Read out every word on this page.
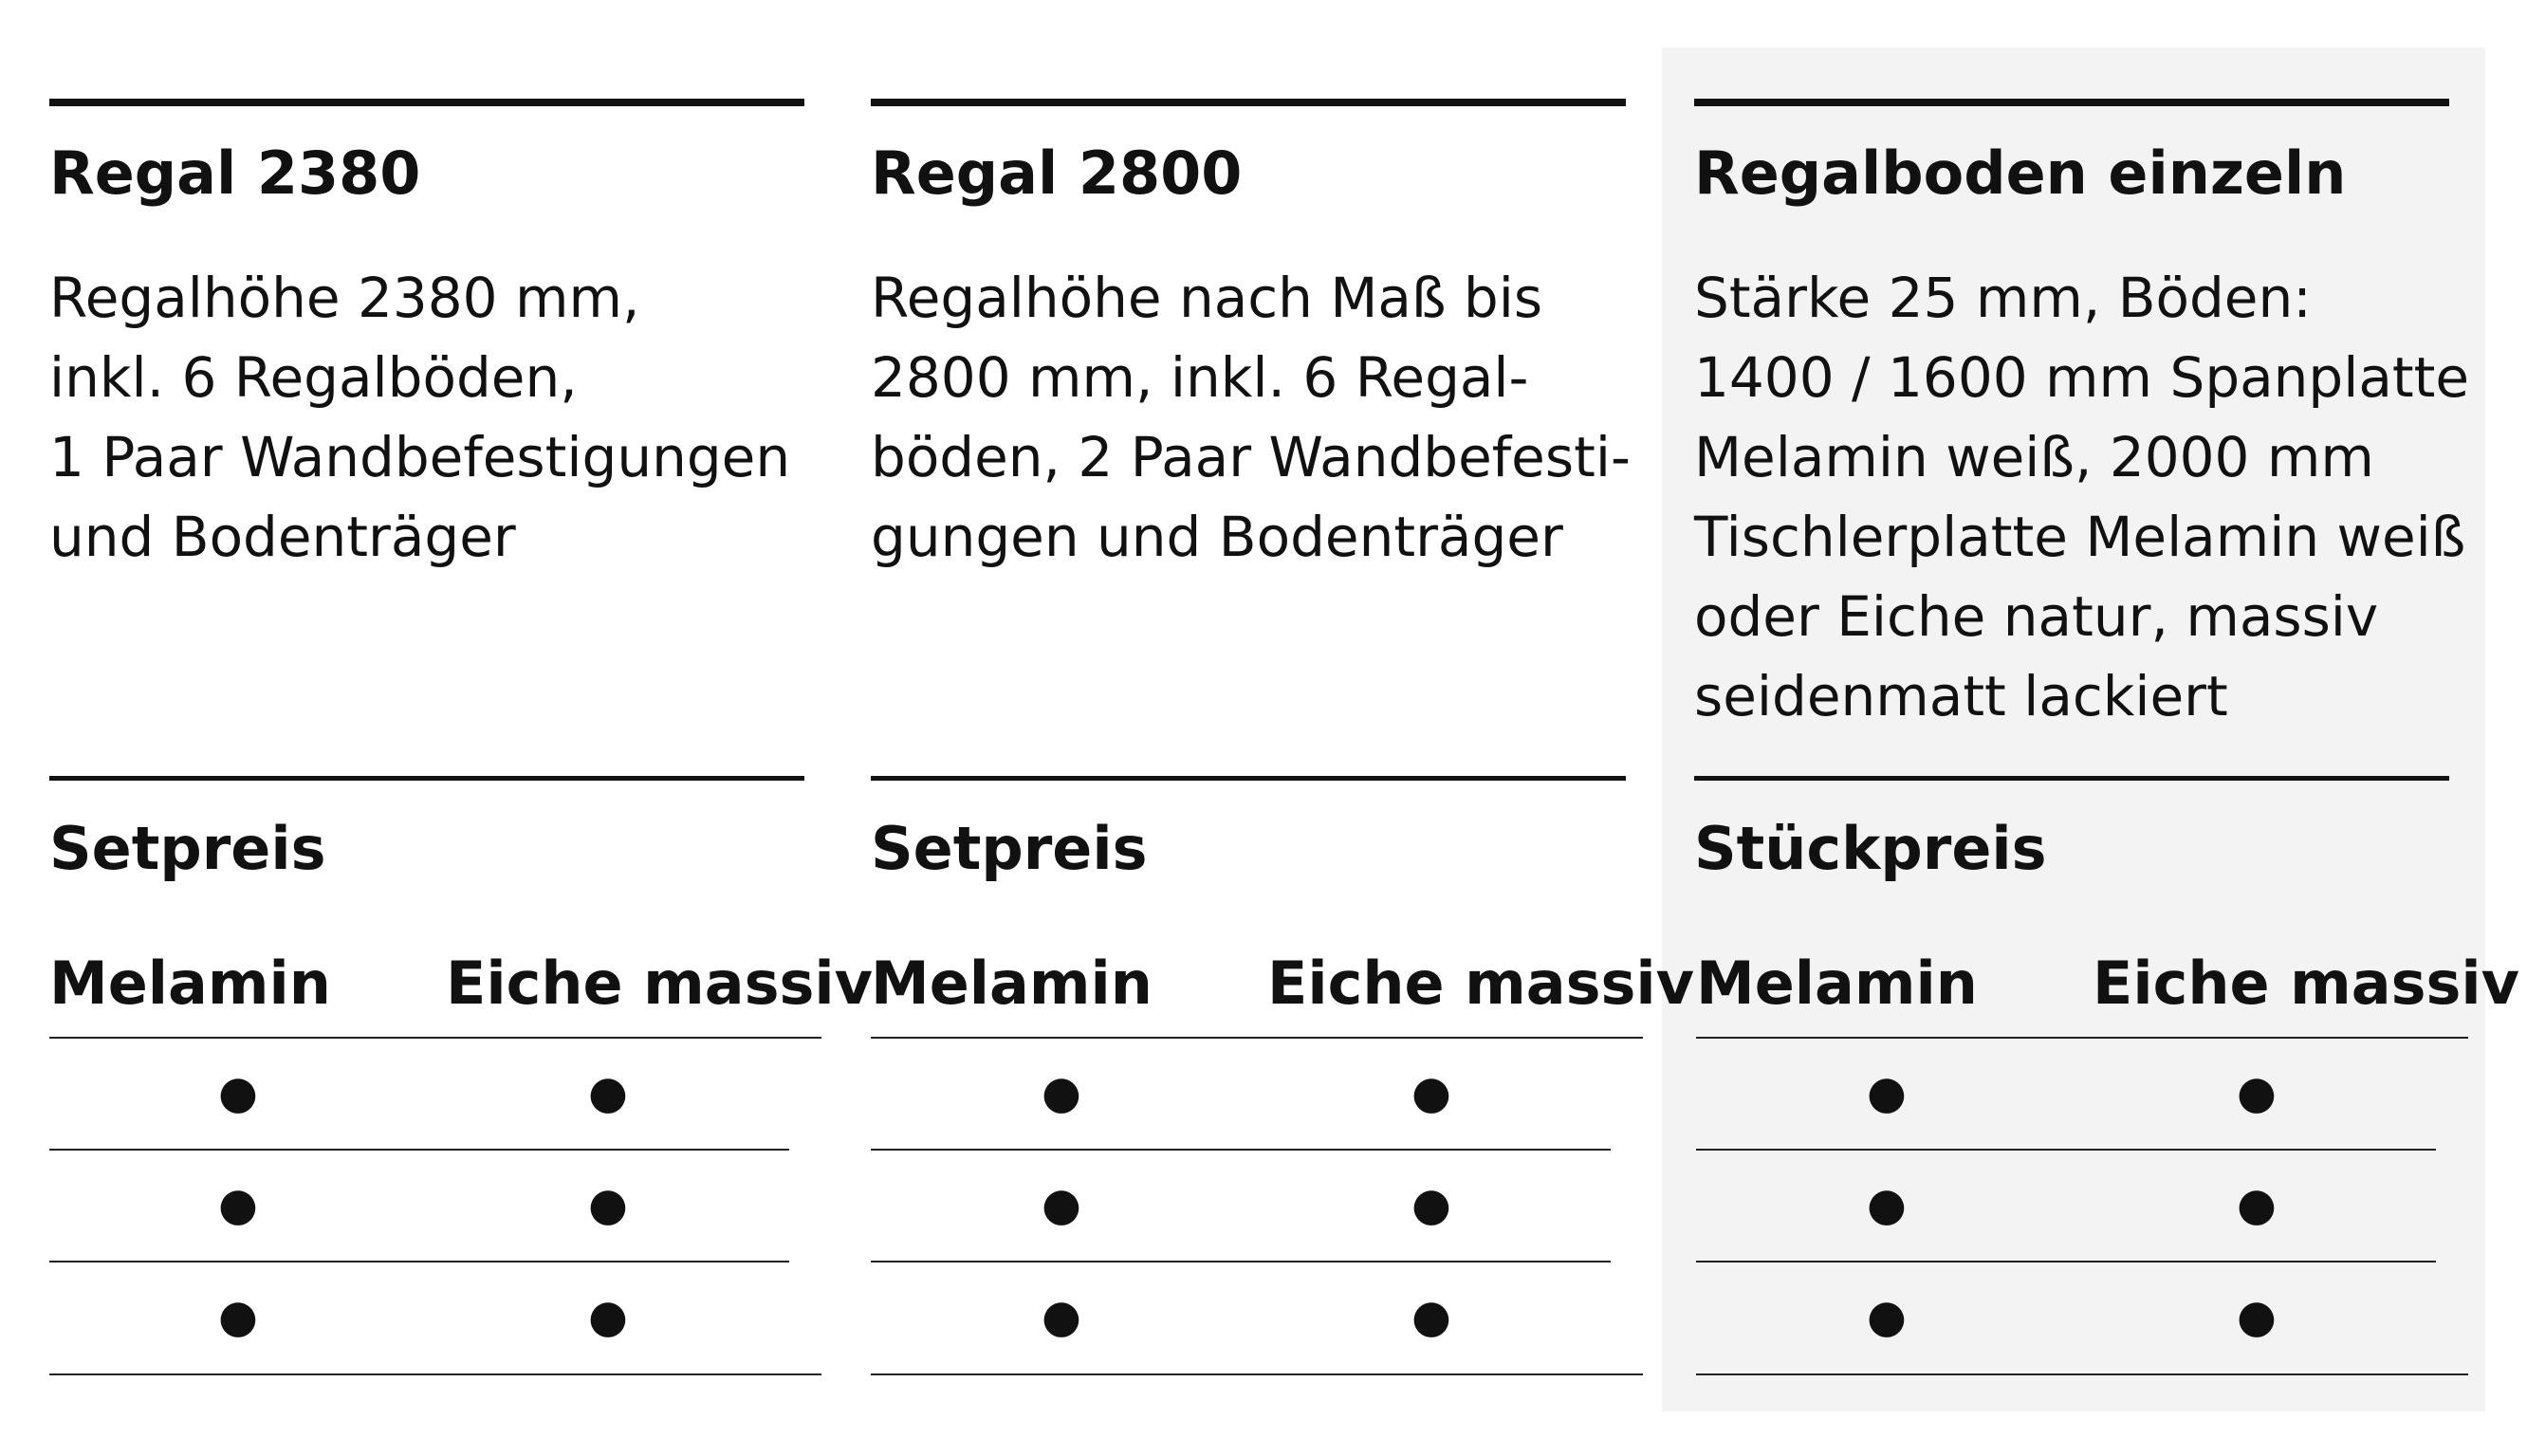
Regal 2380
Regalhöhe 2380 mm,
inkl. 6 Regalböden,
1 Paar Wandbefestigungen
und Bodenträger
Setpreis
Melamin Eiche massiv
●	●
●	●
●	●
Regal 2800
Regalhöhe nach Maß bis
2800 mm, inkl. 6 Regal-
böden, 2 Paar Wandbefesti-
gungen und Bodenträger
Setpreis
Melamin Eiche massiv
●	●
●	●
●	●
Regalboden einzeln
Stärke 25 mm, Böden:
1400 / 1600 mm Spanplatte
Melamin weiß, 2000 mm
Tischlerplatte Melamin weiß
oder Eiche natur, massiv
seidenmatt lackiert
Stückpreis
Melamin Eiche massiv
●	●
●	●
●	●
